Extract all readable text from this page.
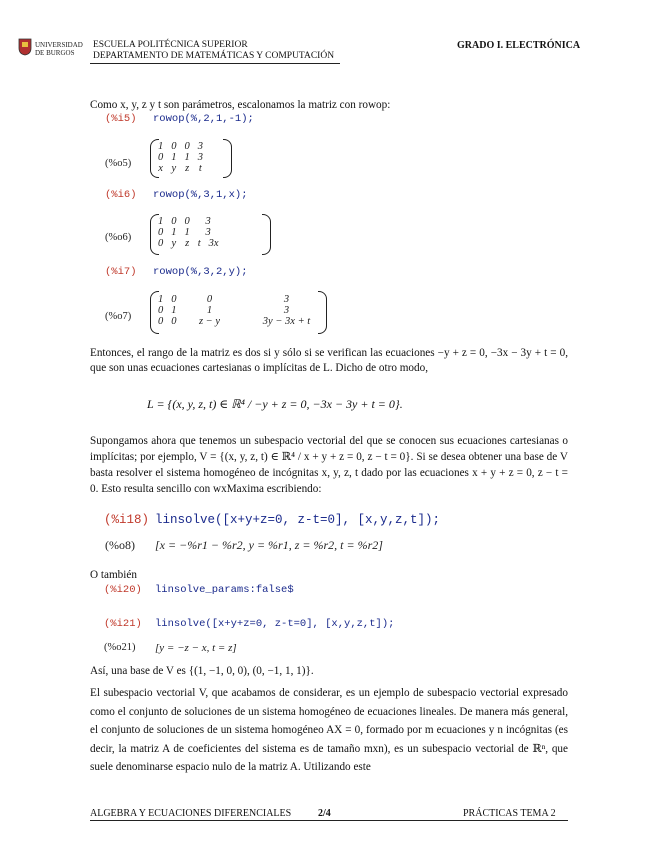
UNIVERSIDAD
DE BURGOS
ESCUELA POLITÉCNICA SUPERIOR
DEPARTAMENTO DE MATEMÁTICAS Y COMPUTACIÓN
GRADO I. ELECTRÓNICA
Como x, y, z y t son parámetros, escalonamos la matriz con rowop:
(%i5) rowop(%,2,1,-1);
(%o5)
1	0	0	3
0	1	1	3
x	y	z	t
(%i6) rowop(%,3,1,x);
(%o6)
1	0	0	3	
0	1	1	3	
0	y	z	t	3x
(%i7) rowop(%,3,2,y);
(%o7)
1	0	0	3
0	1	1	3
0	0	z − y	3y − 3x + t
Entonces, el rango de la matriz es dos si y sólo si se verifican las ecuaciones −y + z = 0, −3x − 3y + t = 0, que son unas ecuaciones cartesianas o implícitas de L. Dicho de otro modo,
L = {(x, y, z, t) ∈ ℝ⁴ / −y + z = 0, −3x − 3y + t = 0}.
Supongamos ahora que tenemos un subespacio vectorial del que se conocen sus ecuaciones cartesianas o implícitas; por ejemplo, V = {(x, y, z, t) ∈ ℝ⁴ / x + y + z = 0, z − t = 0}. Si se desea obtener una base de V basta resolver el sistema homogéneo de incógnitas x, y, z, t dado por las ecuaciones x + y + z = 0, z − t = 0. Esto resulta sencillo con wxMaxima escribiendo:
(%i18) linsolve([x+y+z=0, z-t=0], [x,y,z,t]);
(%o8) [x = −%r1 − %r2, y = %r1, z = %r2, t = %r2]
O también
(%i20) linsolve_params:false$
(%i21) linsolve([x+y+z=0, z-t=0], [x,y,z,t]);
(%o21) [y = −z − x, t = z]
Así, una base de V es {(1, −1, 0, 0), (0, −1, 1, 1)}.
El subespacio vectorial V, que acabamos de considerar, es un ejemplo de subespacio vectorial expresado como el conjunto de soluciones de un sistema homogéneo de ecuaciones lineales. De manera más general, el conjunto de soluciones de un sistema homogéneo AX = 0, formado por m ecuaciones y n incógnitas (es decir, la matriz A de coeficientes del sistema es de tamaño mxn), es un subespacio vectorial de ℝⁿ, que suele denominarse espacio nulo de la matriz A. Utilizando este
ALGEBRA Y ECUACIONES DIFERENCIALES	2/4	PRÁCTICAS TEMA 2
